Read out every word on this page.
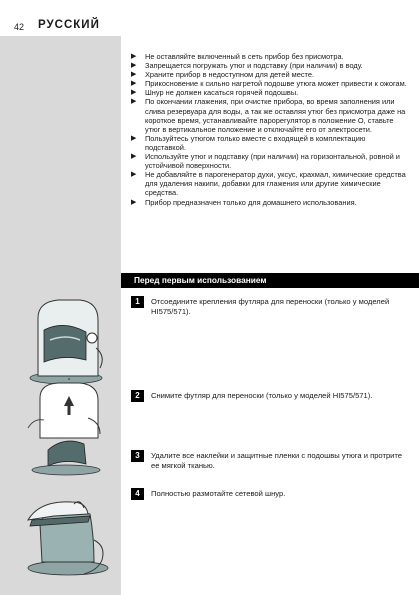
42 РУССКИЙ
▶ Не оставляйте включенный в сеть прибор без присмотра.
▶ Запрещается погружать утюг и подставку (при наличии) в воду.
▶ Храните прибор в недоступном для детей месте.
▶ Прикосновение к сильно нагретой подошве утюга может привести к ожогам.
▶ Шнур не должен касаться горячей подошвы.
▶ По окончании глажения, при очистке прибора, во время заполнения или слива резервуара для воды, а так же оставляя утюг без присмотра даже на короткое время, устанавливайте парорегулятор в положение O, ставьте утюг в вертикальное положение и отключайте его от электросети.
▶ Пользуйтесь утюгом только вместе с входящей в комплектацию подставкой.
▶ Используйте утюг и подставку (при наличии) на горизонтальной, ровной и устойчивой поверхности.
▶ Не добавляйте в парогенератор духи, уксус, крахмал, химические средства для удаления накипи, добавки для глажения или другие химические средства.
▶ Прибор предназначен только для домашнего использования.
Перед первым использованием
1	Отсоедините крепления футляра для переноски (только у моделей HI575/571).
2	Снимите футляр для переноски (только у моделей HI575/571).
3	Удалите все наклейки и защитные пленки с подошвы утюга и протрите ее мягкой тканью.
4	Полностью размотайте сетевой шнур.
